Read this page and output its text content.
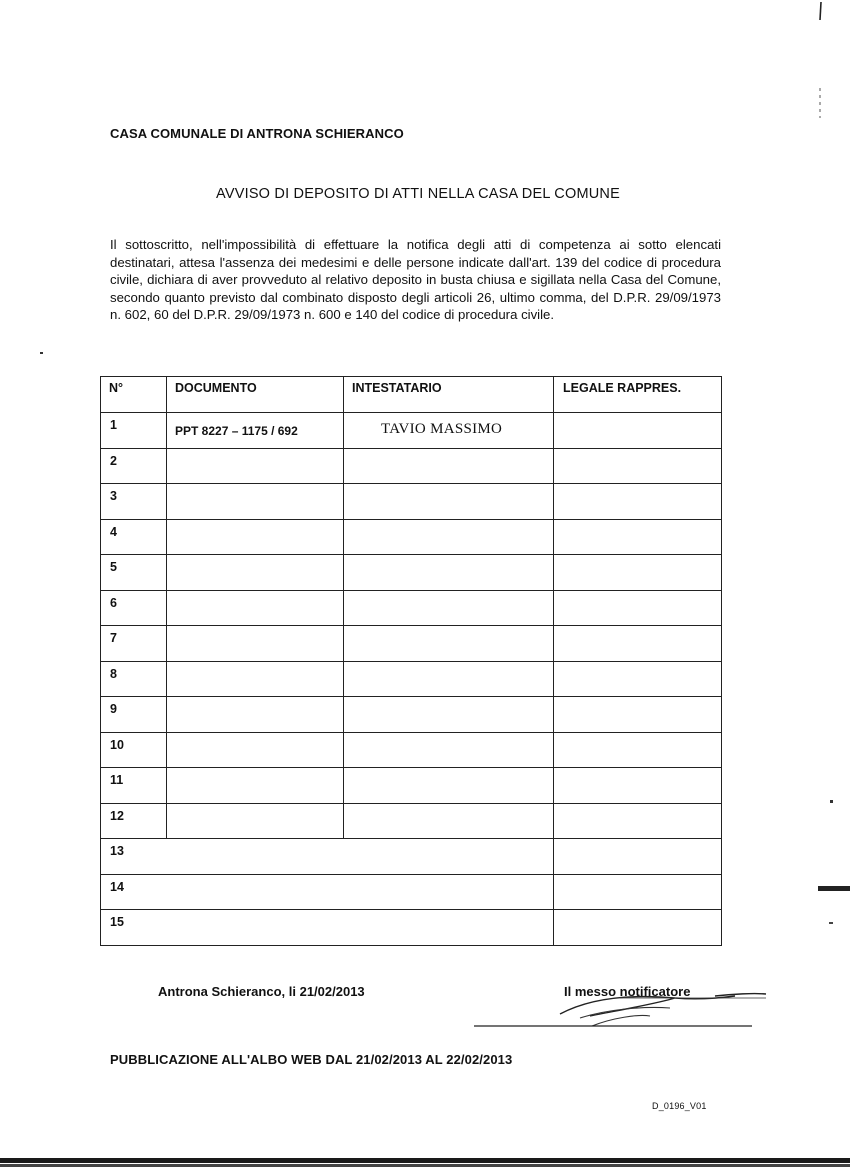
CASA COMUNALE DI ANTRONA SCHIERANCO
AVVISO DI DEPOSITO DI ATTI NELLA CASA DEL COMUNE
Il sottoscritto, nell'impossibilità di effettuare la notifica degli atti di competenza ai sotto elencati destinatari, attesa l'assenza dei medesimi e delle persone indicate dall'art. 139 del codice di procedura civile, dichiara di aver provveduto al relativo deposito in busta chiusa e sigillata nella Casa del Comune, secondo quanto previsto dal combinato disposto degli articoli 26, ultimo comma, del D.P.R. 29/09/1973 n. 602, 60 del D.P.R. 29/09/1973 n. 600 e 140 del codice di procedura civile.
N°	DOCUMENTO	INTESTATARIO	LEGALE RAPPRES.

1	PPT 8227 – 1175 / 692	TAVIO MASSIMO	

2			

3			

4			

5			

6			

7			

8			

9			

10			

11			

12			

13			

14			

15			

Antrona Schieranco, li 21/02/2013	Il messo notificatore
PUBBLICAZIONE ALL'ALBO WEB DAL 21/02/2013 AL 22/02/2013
D_0196_V01
